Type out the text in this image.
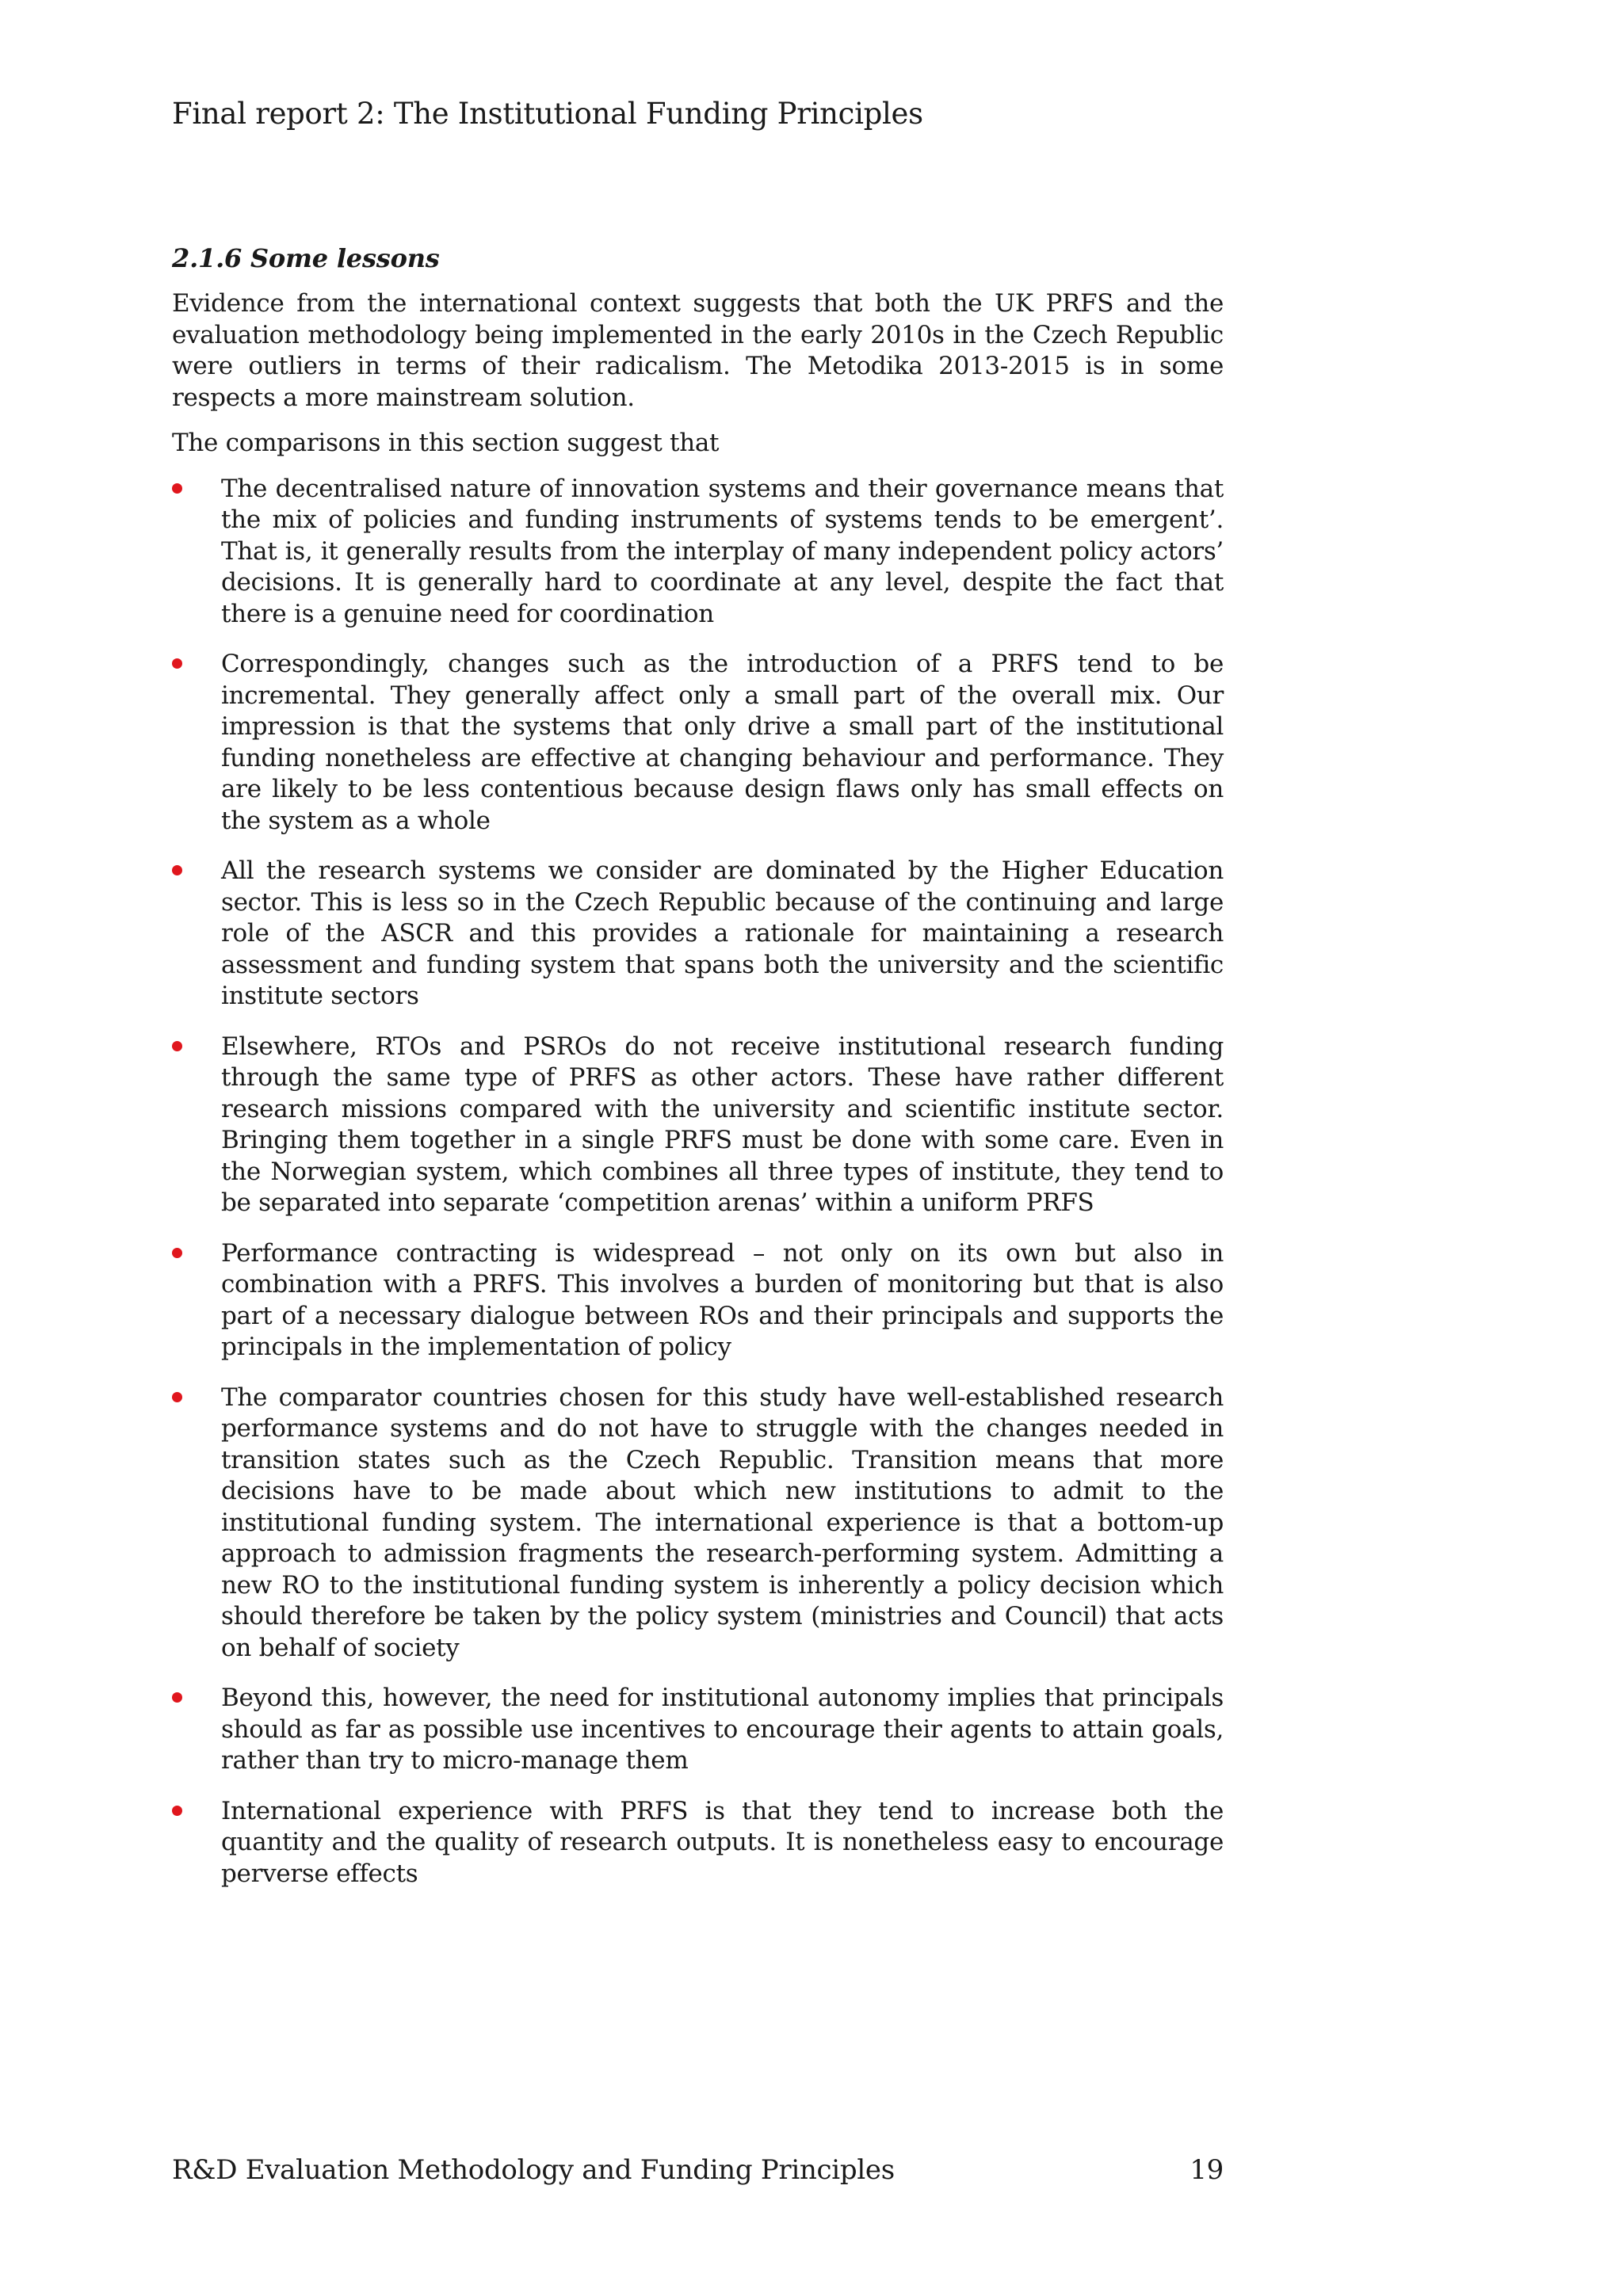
Final report 2: The Institutional Funding Principles
2.1.6 Some lessons

Evidence from the international context suggests that both the UK PRFS and the evaluation methodology being implemented in the early 2010s in the Czech Republic were outliers in terms of their radicalism. The Metodika 2013-2015 is in some respects a more mainstream solution.

The comparisons in this section suggest that

The decentralised nature of innovation systems and their governance means that the mix of policies and funding instruments of systems tends to be emergent’. That is, it generally results from the interplay of many independent policy actors’ decisions. It is generally hard to coordinate at any level, despite the fact that there is a genuine need for coordination
Correspondingly, changes such as the introduction of a PRFS tend to be incremental. They generally affect only a small part of the overall mix. Our impression is that the systems that only drive a small part of the institutional funding nonetheless are effective at changing behaviour and performance. They are likely to be less contentious because design flaws only has small effects on the system as a whole
All the research systems we consider are dominated by the Higher Education sector. This is less so in the Czech Republic because of the continuing and large role of the ASCR and this provides a rationale for maintaining a research assessment and funding system that spans both the university and the scientific institute sectors
Elsewhere, RTOs and PSROs do not receive institutional research funding through the same type of PRFS as other actors. These have rather different research missions compared with the university and scientific institute sector. Bringing them together in a single PRFS must be done with some care. Even in the Norwegian system, which combines all three types of institute, they tend to be separated into separate ‘competition arenas’ within a uniform PRFS
Performance contracting is widespread – not only on its own but also in combination with a PRFS. This involves a burden of monitoring but that is also part of a necessary dialogue between ROs and their principals and supports the principals in the implementation of policy
The comparator countries chosen for this study have well-established research performance systems and do not have to struggle with the changes needed in transition states such as the Czech Republic. Transition means that more decisions have to be made about which new institutions to admit to the institutional funding system. The international experience is that a bottom-up approach to admission fragments the research-performing system. Admitting a new RO to the institutional funding system is inherently a policy decision which should therefore be taken by the policy system (ministries and Council) that acts on behalf of society
Beyond this, however, the need for institutional autonomy implies that principals should as far as possible use incentives to encourage their agents to attain goals, rather than try to micro-manage them
International experience with PRFS is that they tend to increase both the quantity and the quality of research outputs. It is nonetheless easy to encourage perverse effects
R&D Evaluation Methodology and Funding Principles	19
